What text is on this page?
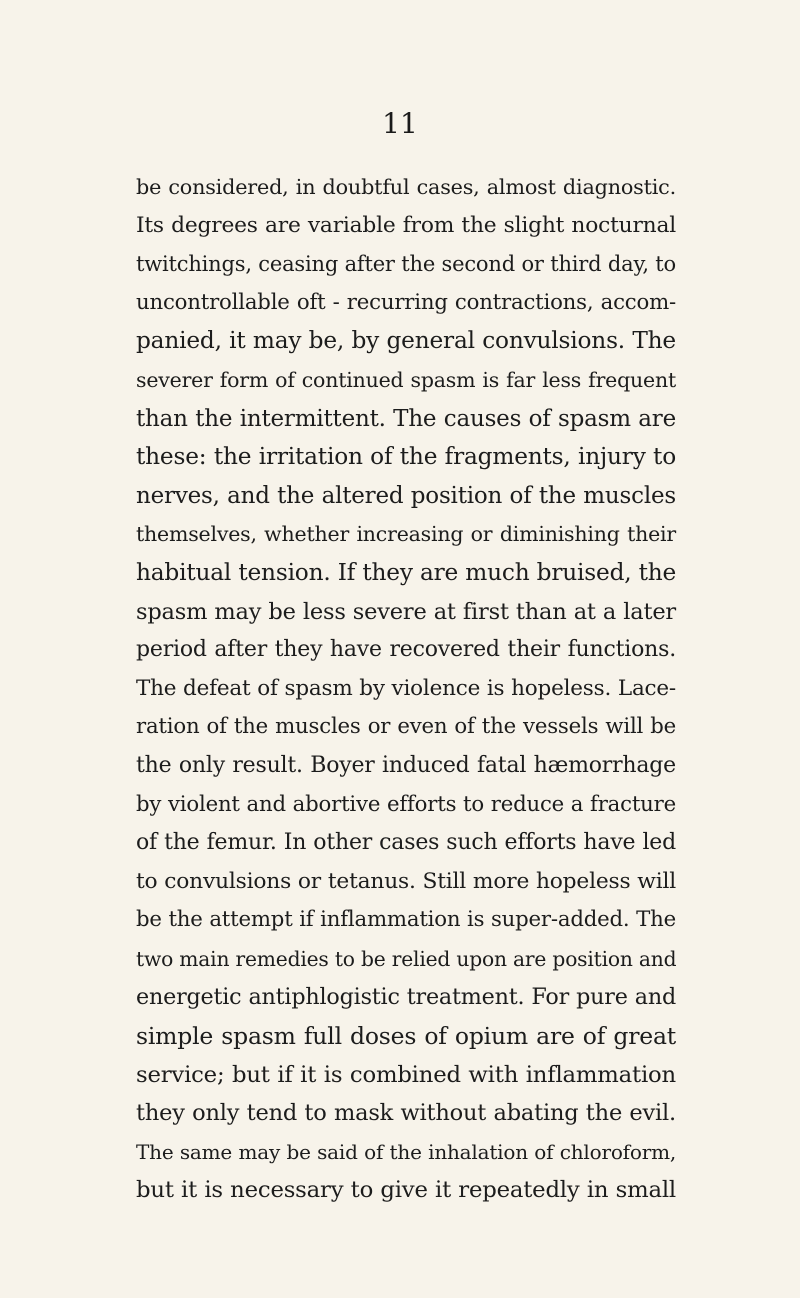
11
be considered, in doubtful cases, almost diagnostic.
Its degrees are variable from the slight nocturnal
twitchings, ceasing after the second or third day, to
uncontrollable oft - recurring contractions, accom-
panied, it may be, by general convulsions. The
severer form of continued spasm is far less frequent
than the intermittent. The causes of spasm are
these: the irritation of the fragments, injury to
nerves, and the altered position of the muscles
themselves, whether increasing or diminishing their
habitual tension. If they are much bruised, the
spasm may be less severe at first than at a later
period after they have recovered their functions.
The defeat of spasm by violence is hopeless. Lace-
ration of the muscles or even of the vessels will be
the only result. Boyer induced fatal hæmorrhage
by violent and abortive efforts to reduce a fracture
of the femur. In other cases such efforts have led
to convulsions or tetanus. Still more hopeless will
be the attempt if inflammation is super-added. The
two main remedies to be relied upon are position and
energetic antiphlogistic treatment. For pure and
simple spasm full doses of opium are of great
service; but if it is combined with inflammation
they only tend to mask without abating the evil.
The same may be said of the inhalation of chloroform,
but it is necessary to give it repeatedly in small
